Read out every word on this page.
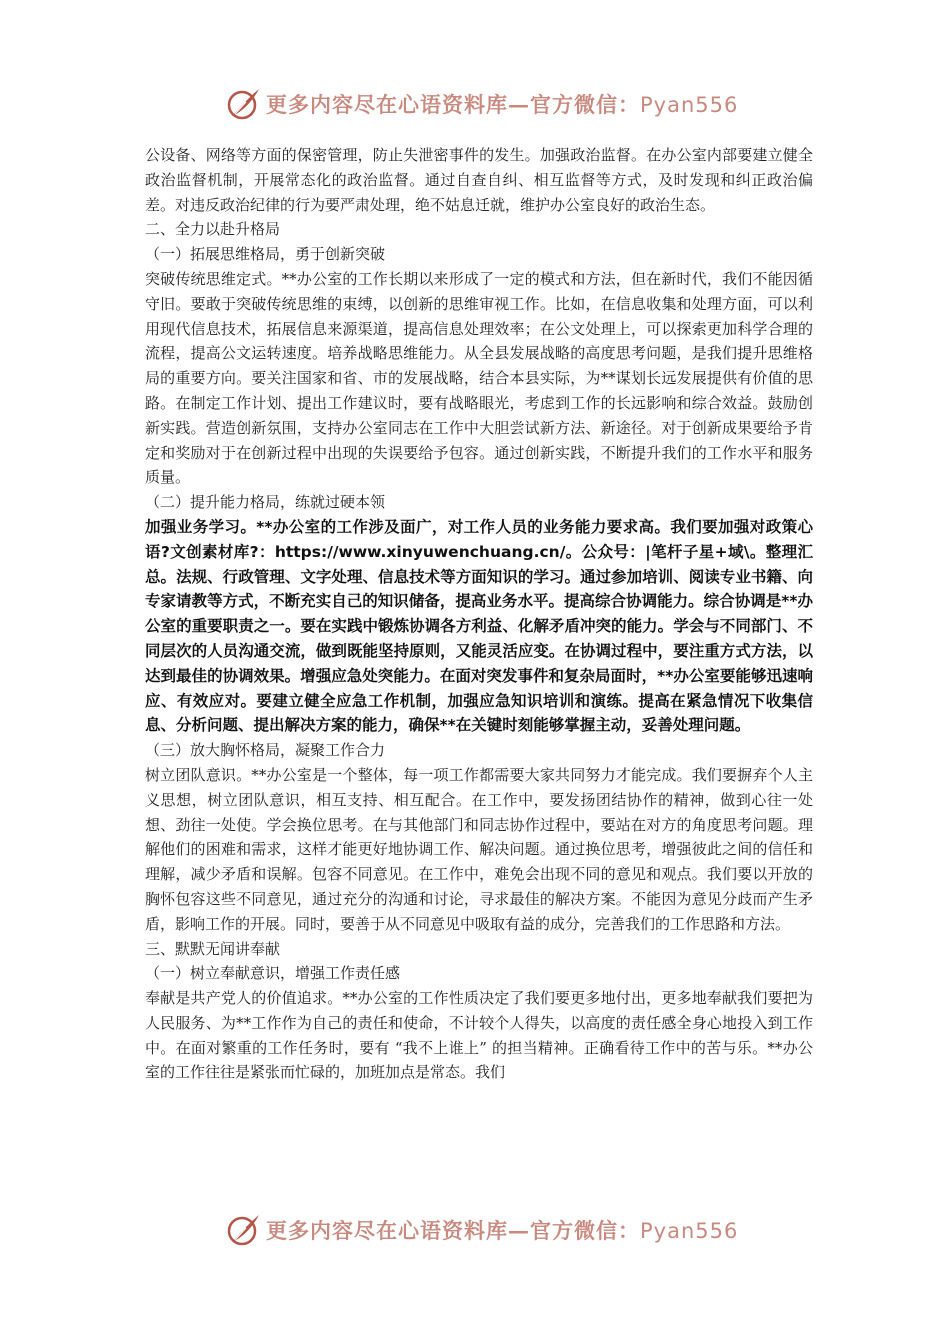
更多内容尽在心语资料库—官方微信：Pyan556

公设备、网络等方面的保密管理，防止失泄密事件的发生。加强政治监督。在办公室内部要建立健全政治监督机制，开展常态化的政治监督。通过自查自纠、相互监督等方式，及时发现和纠正政治偏差。对违反政治纪律的行为要严肃处理，绝不姑息迁就，维护办公室良好的政治生态。

二、全力以赴升格局

（一）拓展思维格局，勇于创新突破

突破传统思维定式。**办公室的工作长期以来形成了一定的模式和方法，但在新时代，我们不能因循守旧。要敢于突破传统思维的束缚，以创新的思维审视工作。比如，在信息收集和处理方面，可以利用现代信息技术，拓展信息来源渠道，提高信息处理效率；在公文处理上，可以探索更加科学合理的流程，提高公文运转速度。培养战略思维能力。从全县发展战略的高度思考问题，是我们提升思维格局的重要方向。要关注国家和省、市的发展战略，结合本县实际，为**谋划长远发展提供有价值的思路。在制定工作计划、提出工作建议时，要有战略眼光，考虑到工作的长远影响和综合效益。鼓励创新实践。营造创新氛围，支持办公室同志在工作中大胆尝试新方法、新途径。对于创新成果要给予肯定和奖励对于在创新过程中出现的失误要给予包容。通过创新实践，不断提升我们的工作水平和服务质量。

（二）提升能力格局，练就过硬本领

加强业务学习。**办公室的工作涉及面广，对工作人员的业务能力要求高。我们要加强对政策心语?文创素材库?：https://www.xinyuwenchuang.cn/。公众号：|笔杆子星+域\。整理汇总。法规、行政管理、文字处理、信息技术等方面知识的学习。通过参加培训、阅读专业书籍、向专家请教等方式，不断充实自己的知识储备，提高业务水平。提高综合协调能力。综合协调是**办公室的重要职责之一。要在实践中锻炼协调各方利益、化解矛盾冲突的能力。学会与不同部门、不同层次的人员沟通交流，做到既能坚持原则，又能灵活应变。在协调过程中，要注重方式方法，以达到最佳的协调效果。增强应急处突能力。在面对突发事件和复杂局面时，**办公室要能够迅速响应、有效应对。要建立健全应急工作机制，加强应急知识培训和演练。提高在紧急情况下收集信息、分析问题、提出解决方案的能力，确保**在关键时刻能够掌握主动，妥善处理问题。

（三）放大胸怀格局，凝聚工作合力

树立团队意识。**办公室是一个整体，每一项工作都需要大家共同努力才能完成。我们要摒弃个人主义思想，树立团队意识，相互支持、相互配合。在工作中，要发扬团结协作的精神，做到心往一处想、劲往一处使。学会换位思考。在与其他部门和同志协作过程中，要站在对方的角度思考问题。理解他们的困难和需求，这样才能更好地协调工作、解决问题。通过换位思考，增强彼此之间的信任和理解，减少矛盾和误解。包容不同意见。在工作中，难免会出现不同的意见和观点。我们要以开放的胸怀包容这些不同意见，通过充分的沟通和讨论，寻求最佳的解决方案。不能因为意见分歧而产生矛盾，影响工作的开展。同时，要善于从不同意见中吸取有益的成分，完善我们的工作思路和方法。

三、默默无闻讲奉献

（一）树立奉献意识，增强工作责任感

奉献是共产党人的价值追求。**办公室的工作性质决定了我们要更多地付出，更多地奉献我们要把为人民服务、为**工作作为自己的责任和使命，不计较个人得失，以高度的责任感全身心地投入到工作中。在面对繁重的工作任务时，要有 “我不上谁上” 的担当精神。正确看待工作中的苦与乐。**办公室的工作往往是紧张而忙碌的，加班加点是常态。我们

更多内容尽在心语资料库—官方微信：Pyan556
